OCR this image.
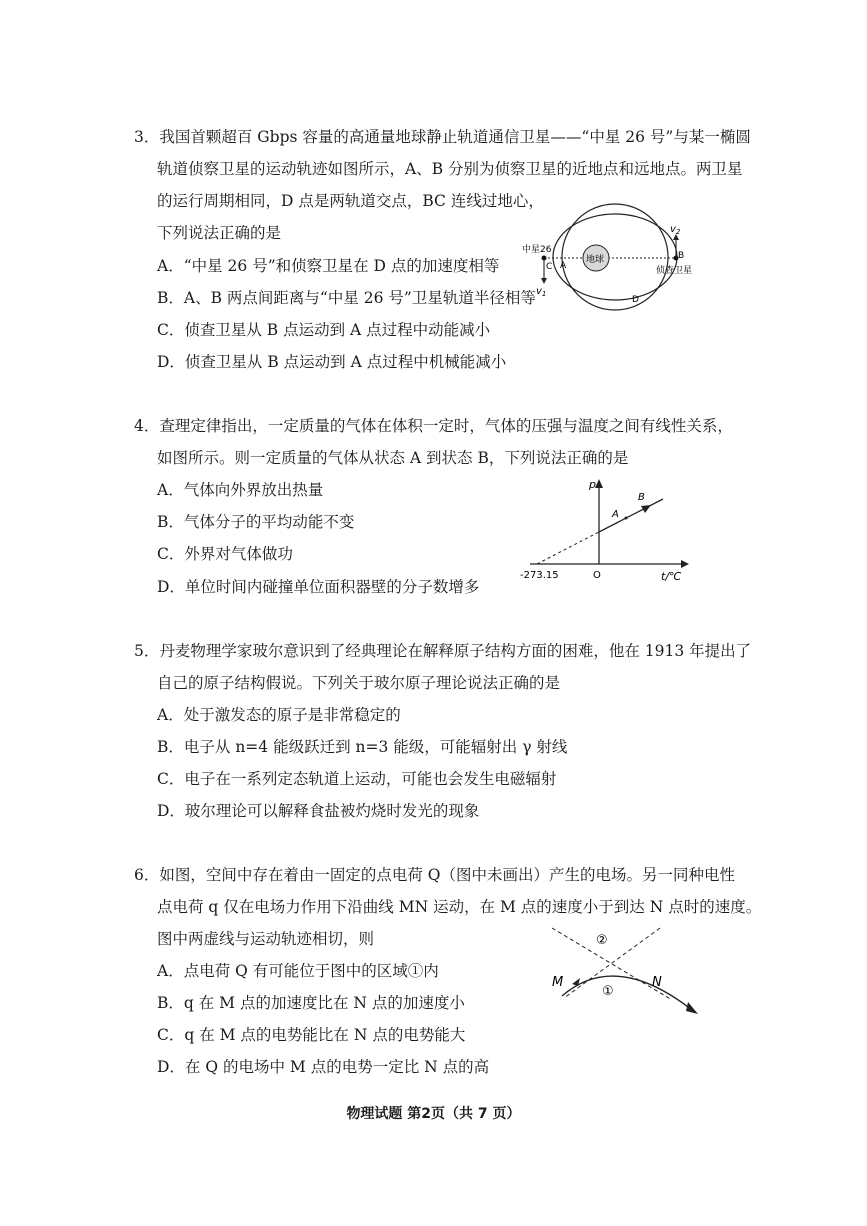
3．我国首颗超百 Gbps 容量的高通量地球静止轨道通信卫星——“中星 26 号”与某一椭圆
轨道侦察卫星的运动轨迹如图所示，A、B 分别为侦察卫星的近地点和远地点。两卫星
的运行周期相同，D 点是两轨道交点，BC 连线过地心，
下列说法正确的是
A．“中星 26 号”和侦察卫星在 D 点的加速度相等
B．A、B 两点间距离与“中星 26 号”卫星轨道半径相等
C．侦查卫星从 B 点运动到 A 点过程中动能减小
D．侦查卫星从 B 点运动到 A 点过程中机械能减小
地球
中星26
C A
B
侦查卫星
D
$v_1$
$v_2$
4．查理定律指出，一定质量的气体在体积一定时，气体的压强与温度之间有线性关系，
如图所示。则一定质量的气体从状态 A 到状态 B，下列说法正确的是
A．气体向外界放出热量
B．气体分子的平均动能不变
C．外界对气体做功
D．单位时间内碰撞单位面积器壁的分子数增多
p
t/℃
O
-273.15
A
B
5．丹麦物理学家玻尔意识到了经典理论在解释原子结构方面的困难，他在 1913 年提出了
自己的原子结构假说。下列关于玻尔原子理论说法正确的是
A．处于激发态的原子是非常稳定的
B．电子从 n=4 能级跃迁到 n=3 能级，可能辐射出 γ 射线
C．电子在一系列定态轨道上运动，可能也会发生电磁辐射
D．玻尔理论可以解释食盐被灼烧时发光的现象
6．如图，空间中存在着由一固定的点电荷 Q（图中未画出）产生的电场。另一同种电性
点电荷 q 仅在电场力作用下沿曲线 MN 运动，在 M 点的速度小于到达 N 点时的速度。
图中两虚线与运动轨迹相切，则
A．点电荷 Q 有可能位于图中的区域①内
B．q 在 M 点的加速度比在 N 点的加速度小
C．q 在 M 点的电势能比在 N 点的电势能大
D．在 Q 的电场中 M 点的电势一定比 N 点的高
M	N
①
②
物理试题 第2页（共 7 页）
